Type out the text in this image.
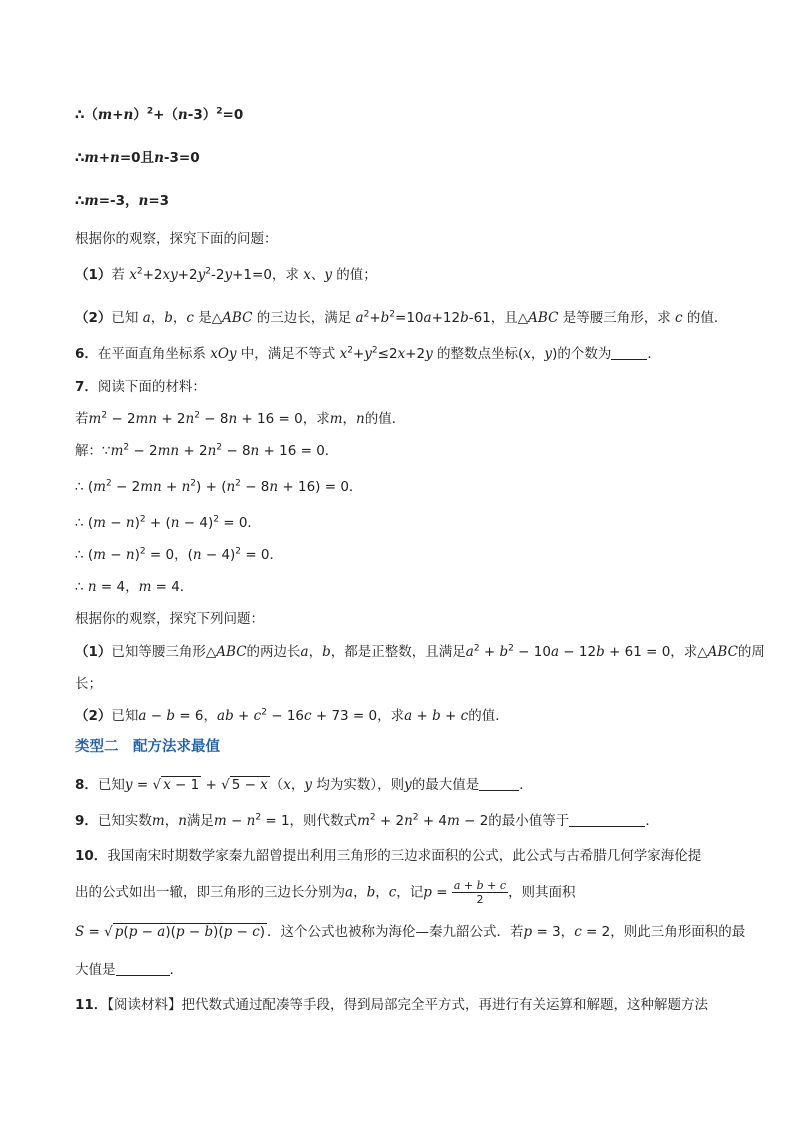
$\therefore(m+n)^2+(n-3)^2=0$
∴m+n=0且n-3=0
∴m=-3，n=3
根据你的观察，探究下面的问题：
（1）若 $x^2+2xy+2y^2-2y+1=0$，求 x、y 的值；
（2）已知 a，b，c 是△ABC 的三边长，满足 $a^2+b^2=10a+12b-61$，且△ABC 是等腰三角形，求 c 的值．
6．在平面直角坐标系 xOy 中，满足不等式 $x^2+y^2\le 2x+2y$ 的整数点坐标(x，y)的个数为	．
7．阅读下面的材料：
若$m^2 - 2mn + 2n^2 - 8n + 16 = 0$，求m，n的值．
解：$\because m^2 - 2mn + 2n^2 - 8n + 16 = 0$．
∴ $(m^2 - 2mn + n^2) + (n^2 - 8n + 16) = 0$．
∴ $(m - n)^2 + (n - 4)^2 = 0$．
∴ $(m - n)^2 = 0$，$(n - 4)^2 = 0$．
∴ n = 4，m = 4．
根据你的观察，探究下列问题：
（1）已知等腰三角形△ABC的两边长a，b，都是正整数，且满足$a^2 + b^2 - 10a - 12b + 61 = 0$，求△ABC的周
长；
（2）已知a − b = 6，ab + $c^2 - 16c + 73 = 0$，求a + b + c的值．
类型二　配方法求最值
8．已知y = √ x − 1 + √ 5 − x （x，y 均为实数），则y的最大值是	．
9．已知实数m，n满足$m - n^2 = 1$，则代数式$m^2 + 2n^2 + 4m - 2$的最小值等于	．
10．我国南宋时期数学家秦九韶曾提出利用三角形的三边求面积的公式，此公式与古希腊几何学家海伦提
出的公式如出一辙，即三角形的三边长分别为a，b，c，记$p = \frac{a + b + c}{2}$ ，则其面积
S = √ p(p − a)(p − b)(p − c) ．这个公式也被称为海伦—秦九韶公式．若p = 3，c = 2，则此三角形面积的最
大值是	．
11．【阅读材料】把代数式通过配凑等手段，得到局部完全平方式，再进行有关运算和解题，这种解题方法
